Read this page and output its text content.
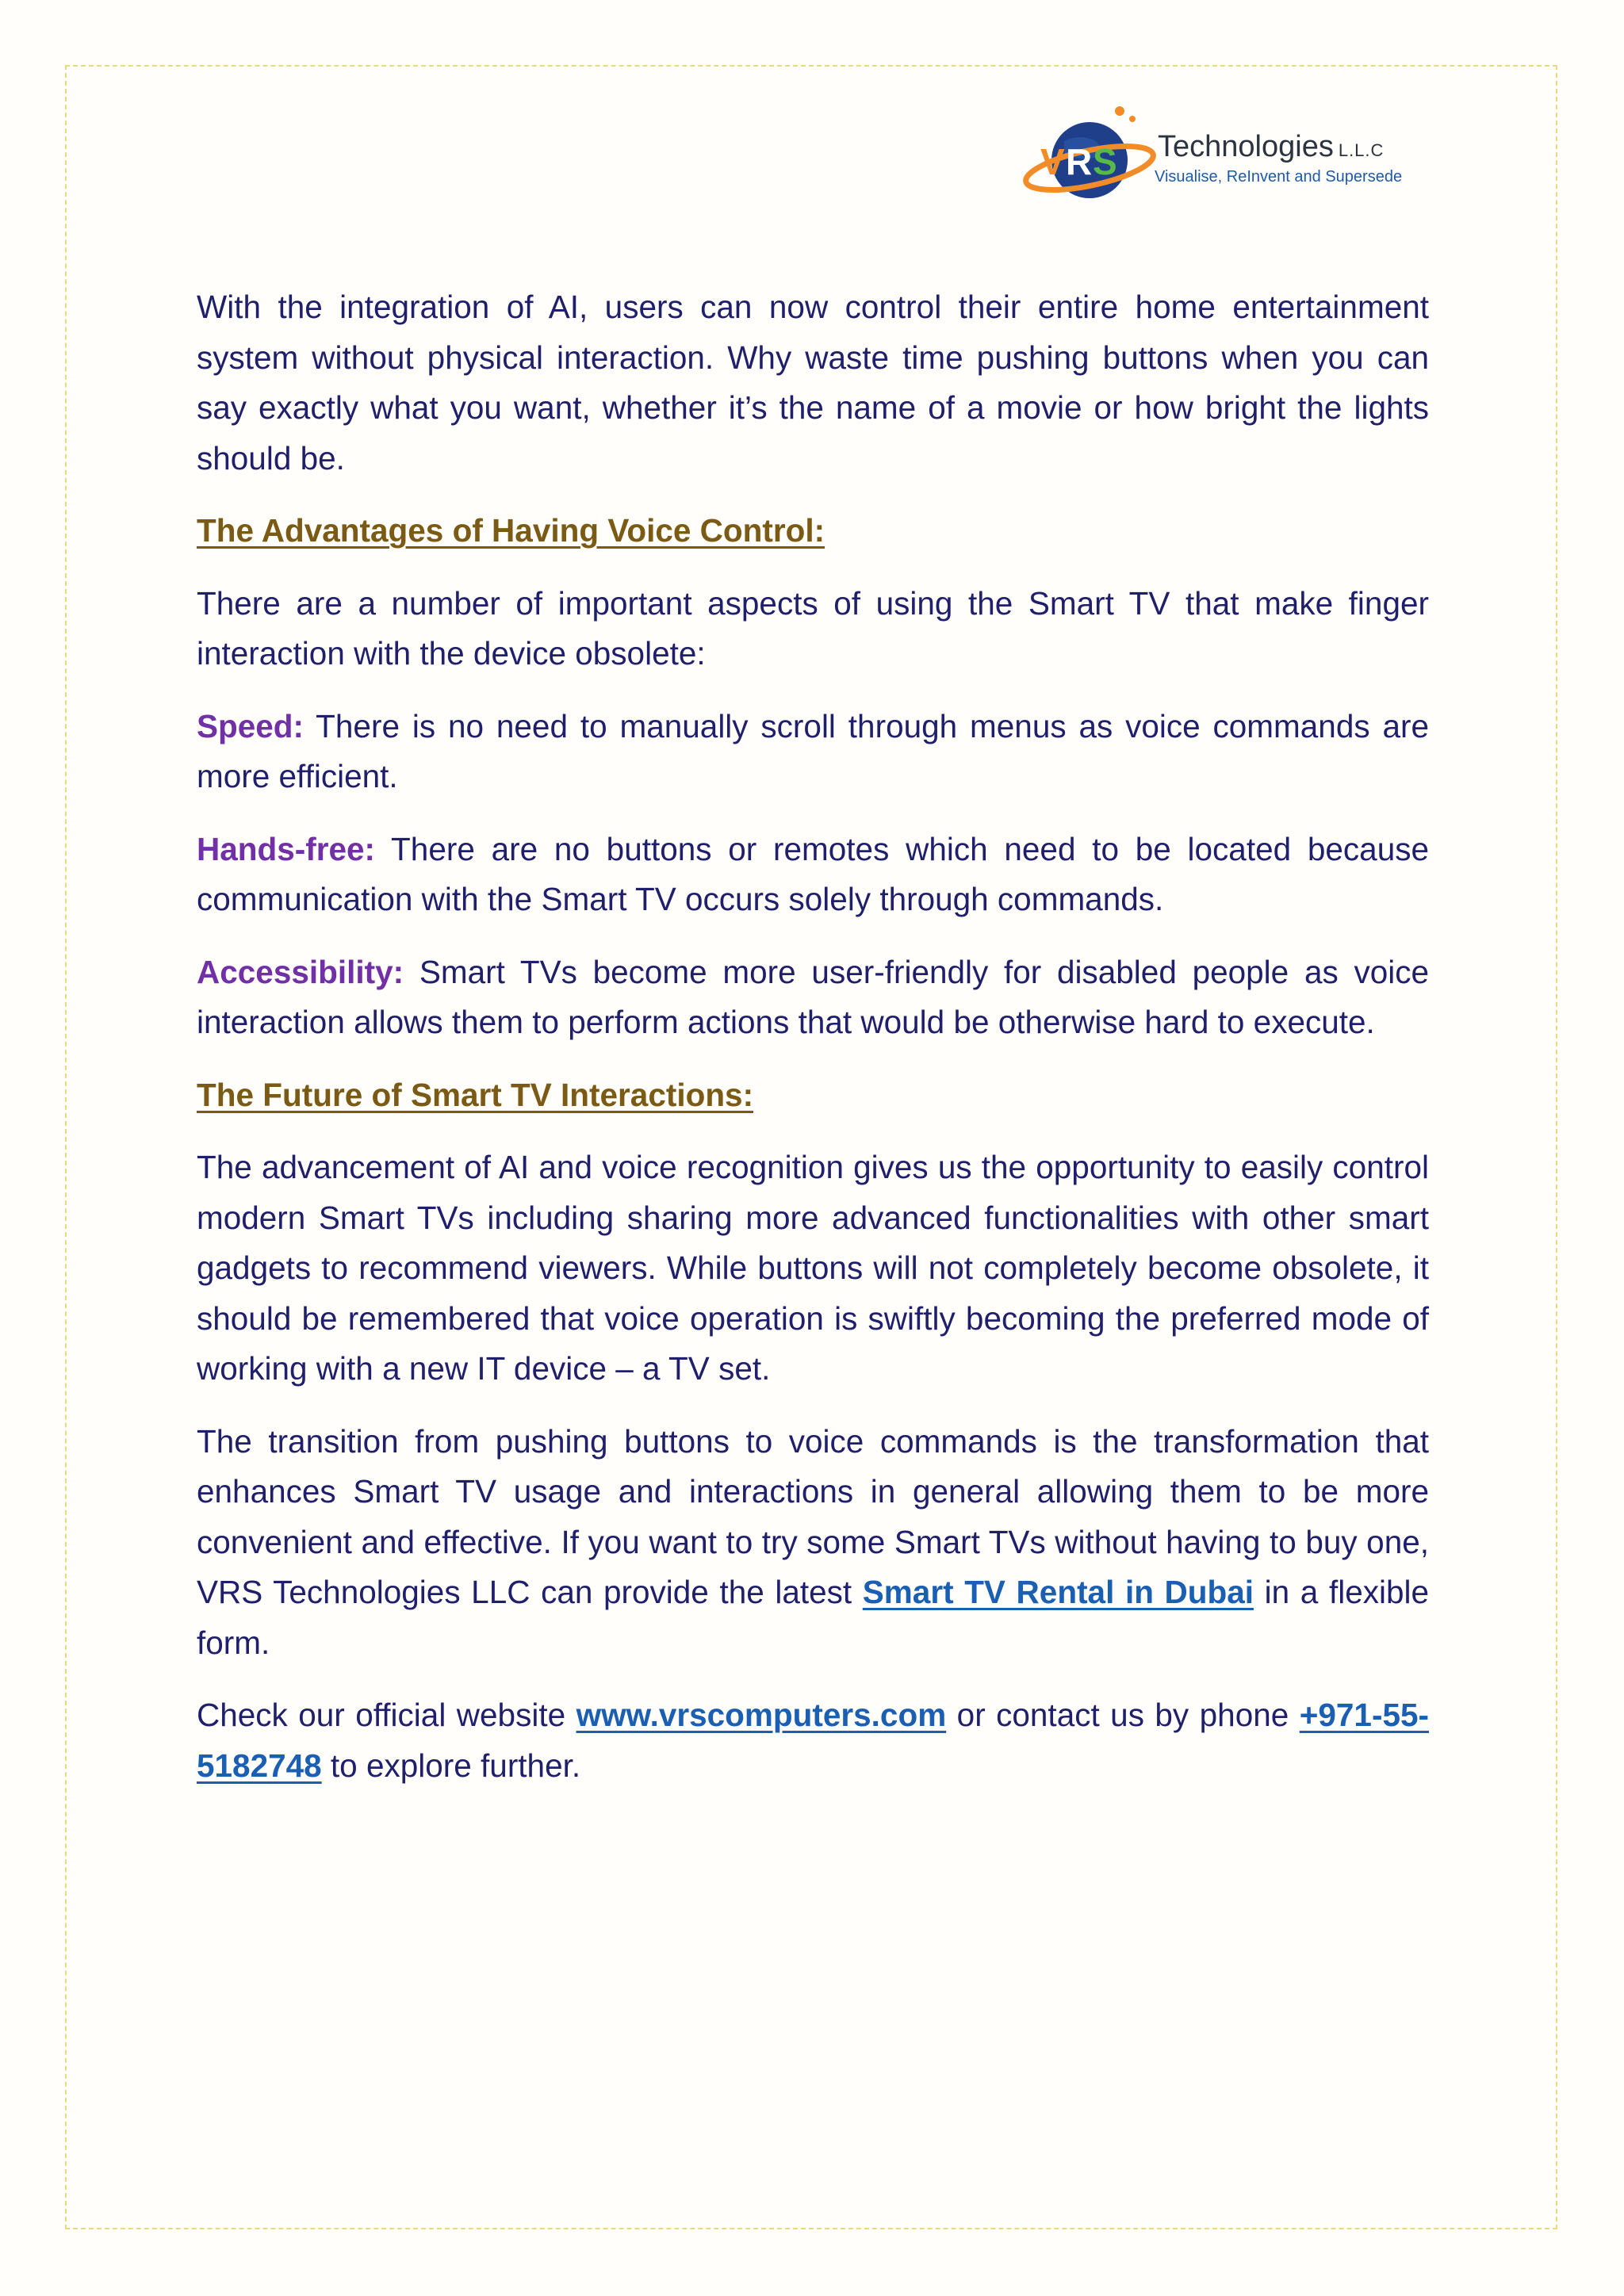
V R S Technologies L.L.C
Visualise, ReInvent and Supersede

With the integration of AI, users can now control their entire home entertainment system without physical interaction. Why waste time pushing buttons when you can say exactly what you want, whether it’s the name of a movie or how bright the lights should be.

The Advantages of Having Voice Control:

There are a number of important aspects of using the Smart TV that make finger interaction with the device obsolete:

Speed: There is no need to manually scroll through menus as voice commands are more efficient.

Hands-free: There are no buttons or remotes which need to be located because communication with the Smart TV occurs solely through commands.

Accessibility: Smart TVs become more user-friendly for disabled people as voice interaction allows them to perform actions that would be otherwise hard to execute.

The Future of Smart TV Interactions:

The advancement of AI and voice recognition gives us the opportunity to easily control modern Smart TVs including sharing more advanced functionalities with other smart gadgets to recommend viewers. While buttons will not completely become obsolete, it should be remembered that voice operation is swiftly becoming the preferred mode of working with a new IT device – a TV set.

The transition from pushing buttons to voice commands is the transformation that enhances Smart TV usage and interactions in general allowing them to be more convenient and effective. If you want to try some Smart TVs without having to buy one, VRS Technologies LLC can provide the latest Smart TV Rental in Dubai in a flexible form.

Check our official website www.vrscomputers.com or contact us by phone +971-55-5182748 to explore further.
